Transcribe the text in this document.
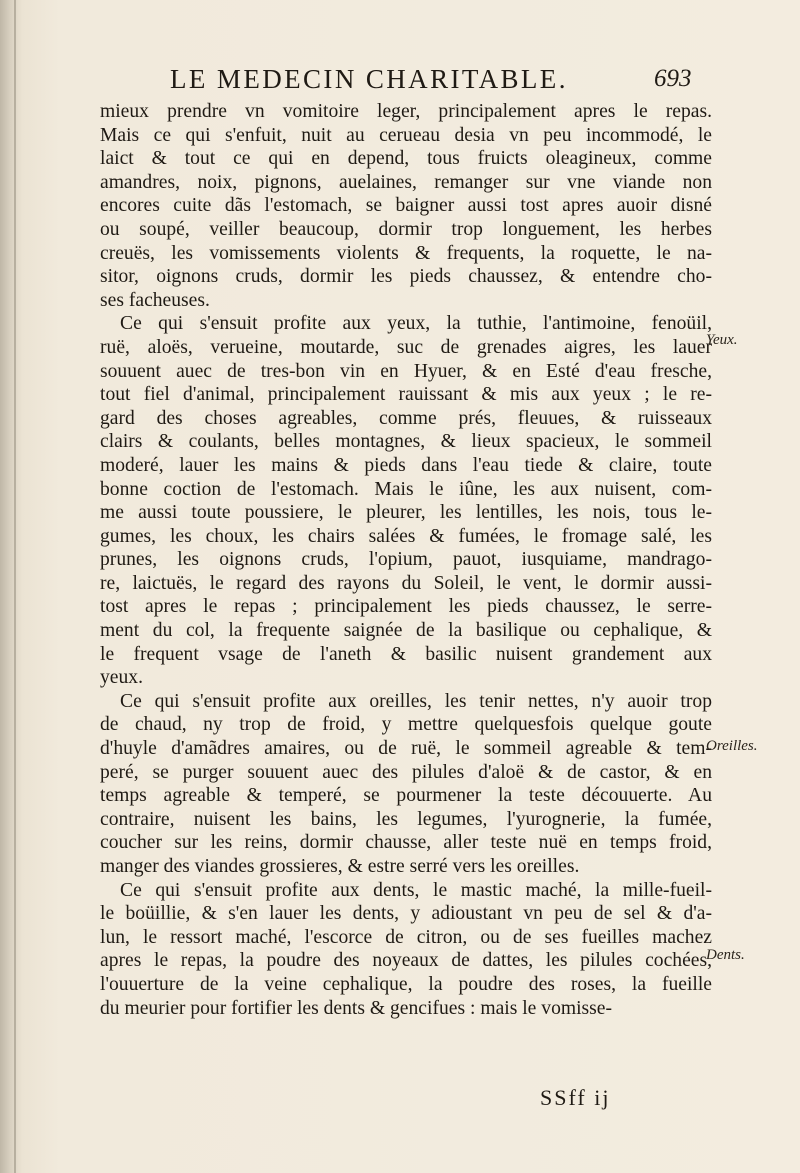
LE MEDECIN CHARITABLE.	693
mieux prendre vn vomitoire leger, principalement apres le repas.
Mais ce qui s'enfuit, nuit au cerueau desia vn peu incommodé, le
laict & tout ce qui en depend, tous fruicts oleagineux, comme
amandres, noix, pignons, auelaines, remanger sur vne viande non
encores cuite dãs l'estomach, se baigner aussi tost apres auoir disné
ou soupé, veiller beaucoup, dormir trop longuement, les herbes
creuës, les vomissements violents & frequents, la roquette, le na-
sitor, oignons cruds, dormir les pieds chaussez, & entendre cho-
ses facheuses.
Ce qui s'ensuit profite aux yeux, la tuthie, l'antimoine, fenoüil,
ruë, aloës, verueine, moutarde, suc de grenades aigres, les lauer
souuent auec de tres-bon vin en Hyuer, & en Esté d'eau fresche,
tout fiel d'animal, principalement rauissant & mis aux yeux ; le re-
gard des choses agreables, comme prés, fleuues, & ruisseaux
clairs & coulants, belles montagnes, & lieux spacieux, le sommeil
moderé, lauer les mains & pieds dans l'eau tiede & claire, toute
bonne coction de l'estomach. Mais le iûne, les aux nuisent, com-
me aussi toute poussiere, le pleurer, les lentilles, les nois, tous le-
gumes, les choux, les chairs salées & fumées, le fromage salé, les
prunes, les oignons cruds, l'opium, pauot, iusquiame, mandrago-
re, laictuës, le regard des rayons du Soleil, le vent, le dormir aussi-
tost apres le repas ; principalement les pieds chaussez, le serre-
ment du col, la frequente saignée de la basilique ou cephalique, &
le frequent vsage de l'aneth & basilic nuisent grandement aux
yeux.
Ce qui s'ensuit profite aux oreilles, les tenir nettes, n'y auoir trop
de chaud, ny trop de froid, y mettre quelquesfois quelque goute
d'huyle d'amãdres amaires, ou de ruë, le sommeil agreable & tem-
peré, se purger souuent auec des pilules d'aloë & de castor, & en
temps agreable & temperé, se pourmener la teste découuerte. Au
contraire, nuisent les bains, les legumes, l'yurognerie, la fumée,
coucher sur les reins, dormir chausse, aller teste nuë en temps froid,
manger des viandes grossieres, & estre serré vers les oreilles.
Ce qui s'ensuit profite aux dents, le mastic maché, la mille-fueil-
le boüillie, & s'en lauer les dents, y adioustant vn peu de sel & d'a-
lun, le ressort maché, l'escorce de citron, ou de ses fueilles machez
apres le repas, la poudre des noyeaux de dattes, les pilules cochées,
l'ouuerture de la veine cephalique, la poudre des roses, la fueille
du meurier pour fortifier les dents & gencifues : mais le vomisse-
Yeux.
Oreilles.
Dents.
SSff ij
